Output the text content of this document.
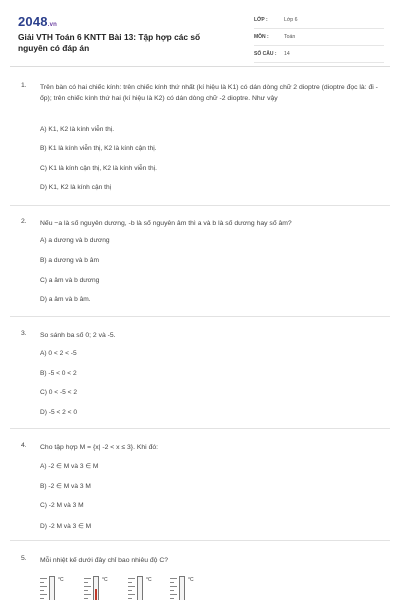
2048.vn
Giải VTH Toán 6 KNTT Bài 13: Tập hợp các số nguyên có đáp án
LỚP :	Lớp 6
MÔN :	Toán
SỐ CÂU : 14
1. Trên bàn có hai chiếc kính: trên chiếc kính thứ nhất (kí hiệu là K1) có dán dòng chữ 2 dioptre (dioptre đọc là: đi - ốp); trên chiếc kính thứ hai (kí hiệu là K2) có dán dòng chữ -2 dioptre. Như vậy
A) K1, K2 là kính viễn thị.
B) K1 là kính viễn thị, K2 là kính cận thị.
C) K1 là kính cận thị, K2 là kính viễn thị.
D) K1, K2 là kính cận thị
2. Nếu −a là số nguyên dương, -b là số nguyên âm thì a và b là số dương hay số âm?
A) a dương và b dương
B) a dương và b âm
C) a âm và b dương
D) a âm và b âm.
3. So sánh ba số 0; 2 và -5.
A) 0 < 2 < -5
B) -5 < 0 < 2
C) 0 < -5 < 2
D) -5 < 2 < 0
4. Cho tập hợp M = {x| -2 < x ≤ 3}. Khi đó:
A) -2 ∈ M và 3 ∈ M
B) -2 ∈ M và 3 M
C) -2 M và 3 M
D) -2 M và 3 ∈ M
5. Mỗi nhiệt kế dưới đây chỉ bao nhiêu độ C?
°C	°C	°C	°C
